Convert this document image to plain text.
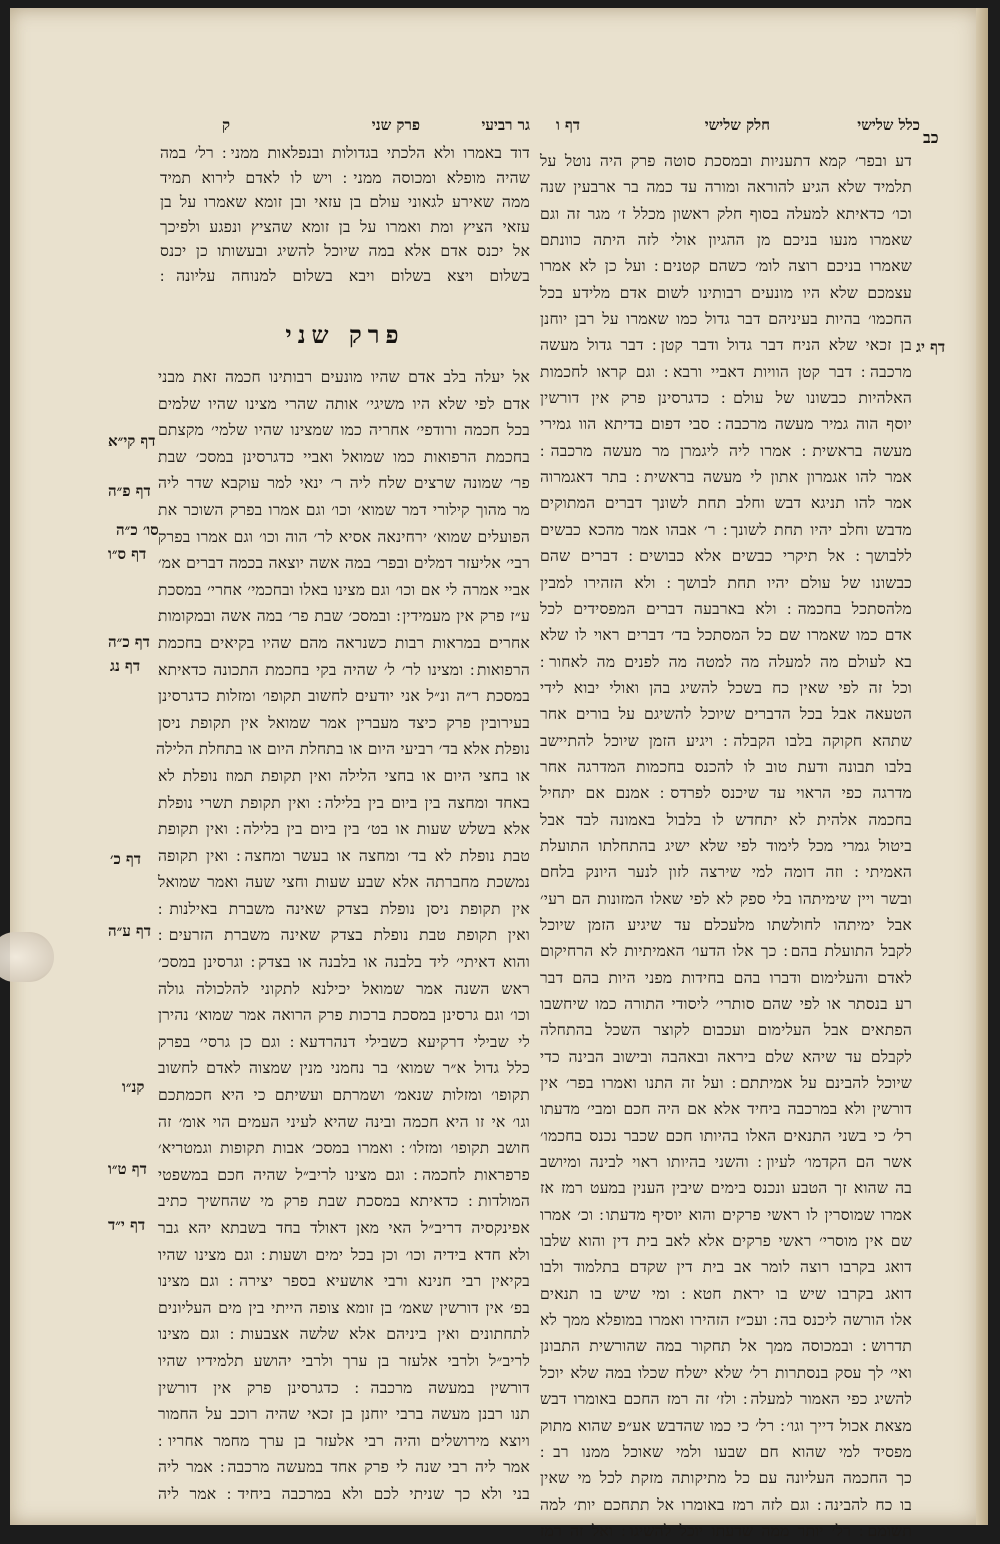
כלל שלישי
חלק שלישי
דף ו
גר רביעי
פרק שני
ק
כב
דע ובפר׳ קמא דתעניות ובמסכת סוטה פרק היה נוטל על
תלמיד שלא הגיע להוראה ומורה עד כמה בר ארבעין שנה
וכו׳ כדאיתא למעלה בסוף חלק ראשון מכלל ז׳ מגר זה וגם
שאמרו מנעו בניכם מן ההגיון אולי לזה היתה כוונתם
שאמרו בניכם רוצה לומ׳ כשהם קטנים ׃ ועל כן לא אמרו
עצמכם שלא היו מונעים רבותינו לשום אדם מלידע בכל
החכמו׳ בהיות בעיניהם דבר גדול כמו שאמרו על רבן יוחנן
בן זכאי שלא הניח דבר גדול ודבר קטן ׃ דבר גדול מעשה
מרכבה ׃ דבר קטן הוויות דאביי ורבא ׃ וגם קראו לחכמות
האלהיות כבשונו של עולם ׃ כדגרסינן פרק אין דורשין
יוסף הוה גמיר מעשה מרכבה ׃ סבי דפום בדיתא הוו גמירי
מעשה בראשית ׃ אמרו ליה ליגמרן מר מעשה מרכבה ׃
אמר להו אגמרון אתון לי מעשה בראשית ׃ בתר דאגמרוה
אמר להו תניגא דבש וחלב תחת לשונך דברים המתוקים
מדבש וחלב יהיו תחת לשונך ׃ ר׳ אבהו אמר מהכא כבשים
ללבושך ׃ אל תיקרי כבשים אלא כבושים ׃ דברים שהם
כבשונו של עולם יהיו תחת לבושך ׃ ולא הזהירו למבין
מלהסתכל בחכמה ׃ ולא בארבעה דברים המפסידים לכל
אדם כמו שאמרו שם כל המסתכל בד׳ דברים ראוי לו שלא
בא לעולם מה למעלה מה למטה מה לפנים מה לאחור ׃
וכל זה לפי שאין כח בשכל להשיג בהן ואולי יבוא לידי
הטעאה אבל בכל הדברים שיוכל להשיגם על בורים אחר
שתהא חקוקה בלבו הקבלה ׃ ויגיע הזמן שיוכל להתיישב
בלבו תבונה ודעת טוב לו להכנס בחכמות המדרגה אחר
מדרגה כפי הראוי עד שיכנס לפרדס ׃ אמנם אם יתחיל
בחכמה אלהית לא יתחדש לו בלבול באמונה לבד אבל
ביטול גמרי מכל לימוד לפי שלא ישיג בהתחלתו התועלת
האמיתי ׃ וזה דומה למי שירצה לזון לנער היונק בלחם
ובשר ויין שימיתהו בלי ספק לא לפי שאלו המזונות הם רעי׳
אבל ימיתהו לחולשתו מלעכלם עד שיגיע הזמן שיוכל
לקבל התועלת בהם ׃ כך אלו הדעו׳ האמיתיות לא הרחיקום
לאדם והעלימום ודברו בהם בחידות מפני היות בהם דבר
רע בנסתר או לפי שהם סותרי׳ ליסודי התורה כמו שיחשבו
הפתאים אבל העלימום ועכבום לקוצר השכל בהתחלה
לקבלם עד שיהא שלם ביראה ובאהבה ובישוב הבינה כדי
שיוכל להבינם על אמיתתם ׃ ועל זה התנו ואמרו בפר׳ אין
דורשין ולא במרכבה ביחיד אלא אם היה חכם ומבי׳ מדעתו
רל׳ כי בשני התנאים האלו בהיותו חכם שכבר נכנס בחכמו׳
אשר הם הקדמו׳ לעיון ׃ והשני בהיותו ראוי לבינה ומיושב
בה שהוא זך הטבע ונכנס בימים שיבין הענין במעט רמז אז
אמרו שמוסרין לו ראשי פרקים והוא יוסיף מדעתו ׃ וכ׳ אמרו
שם אין מוסרי׳ ראשי פרקים אלא לאב בית דין והוא שלבו
דואג בקרבו רוצה לומר אב בית דין שקדם בתלמוד ולבו
דואג בקרבו שיש בו יראת חטא ׃ ומי שיש בו תנאים
אלו הורשה ליכנס בה ׃ ועכ״ז הזהירו ואמרו במופלא ממך לא
תדרוש ׃ ובמכוסה ממך אל תחקור במה שהורשית התבונן
ואי׳ לך עסק בנסתרות רל׳ שלא ישלח שכלו במה שלא יוכל
להשיג כפי האמור למעלה ׃ ולז׳ זה רמז החכם באומרו דבש
מצאת אכול דייך וגו׳ ׃ רל׳ כי כמו שהדבש אע״פ שהוא מתוק
מפסיד למי שהוא חם שבעו ולמי שאוכל ממנו רב ׃
כך החכמה העליונה עם כל מתיקותה מזקת לכל מי שאין
בו כח להבינה ׃ וגם לזה רמז באומרו אל תתחכם יות׳ למה
תשומם ׃ רל׳ יותר ממה שדעתו יוכל להשיגו ׃ ואל זה רמז
דוד באמרו ולא הלכתי בגדולות ובנפלאות ממני ׃ רל׳ במה
שהיה מופלא ומכוסה ממני ׃ ויש לו לאדם לירוא תמיד
ממה שאירע לגאוני עולם בן עזאי ובן זומא שאמרו על בן
עזאי הציץ ומת ואמרו על בן זומא שהציץ ונפגע ולפיכך
אל יכנס אדם אלא במה שיוכל להשיג ובעשותו כן יכנס
בשלום ויצא בשלום ויבא בשלום למנוחה עליונה ׃
פרק שני
אל יעלה בלב אדם שהיו מונעים רבותינו חכמה זאת מבני
אדם לפי שלא היו משיגי׳ אותה שהרי מצינו שהיו שלמים
בכל חכמה ורודפי׳ אחריה כמו שמצינו שהיו שלמי׳ מקצתם
בחכמת הרפואות כמו שמואל ואביי כדגרסינן במסכ׳ שבת
פר׳ שמונה שרצים שלח ליה ר׳ ינאי למר עוקבא שדר ליה
מר מהוך קילורי דמר שמוא׳ וכו׳ וגם אמרו בפרק השוכר את
הפועלים שמוא׳ ירחינאה אסיא לר׳ הוה וכו׳ וגם אמרו בפרק
רבי׳ אליעזר דמלים ובפר׳ במה אשה יוצאה בכמה דברים אמ׳
אביי אמרה לי אם וכו׳ וגם מצינו באלו ובחכמי׳ אחרי׳ במסכת
ע״ז פרק אין מעמידין ׃ ובמסכ׳ שבת פר׳ במה אשה ובמקומות
אחרים במראות רבות כשנראה מהם שהיו בקיאים בחכמת
הרפואות ׃ ומצינו לר׳ ל׳ שהיה בקי בחכמת התכונה כדאיתא
במסכת ר״ה ונ״ל אני יודעים לחשוב תקופו׳ ומזלות כדגרסינן
בעירובין פרק כיצד מעברין אמר שמואל אין תקופת ניסן
נופלת אלא בד׳ רביעי היום או בתחלת היום או בתחלת הלילה
או בחצי היום או בחצי הלילה ואין תקופת תמוז נופלת לא
באחד ומחצה בין ביום בין בלילה ׃ ואין תקופת תשרי נופלת
אלא בשלש שעות או בט׳ בין ביום בין בלילה ׃ ואין תקופת
טבת נופלת לא בד׳ ומחצה או בעשר ומחצה ׃ ואין תקופה
נמשכת מחברתה אלא שבע שעות וחצי שעה ואמר שמואל
אין תקופת ניסן נופלת בצדק שאינה משברת באילנות ׃
ואין תקופת טבת נופלת בצדק שאינה משברת הזרעים ׃
והוא דאיתי׳ ליד בלבנה או בלבנה או בצדק ׃ וגרסינן במסכ׳
ראש השנה אמר שמואל יכילנא לתקוני להלכולה גולה
וכו׳ וגם גרסינן במסכת ברכות פרק הרואה אמר שמוא׳ נהירן
לי שבילי דרקיעא כשבילי דנהרדעא ׃ וגם כן גרסי׳ בפרק
כלל גדול א״ר שמוא׳ בר נחמני מנין שמצוה לאדם לחשוב
תקופו׳ ומזלות שנאמ׳ ושמרתם ועשיתם כי היא חכמתכם
וגו׳ אי זו היא חכמה ובינה שהיא לעיני העמים הוי אומ׳ זה
חושב תקופו׳ ומזלו׳ ׃ ואמרו במסכ׳ אבות תקופות וגמטריא׳
פרפראות לחכמה ׃ וגם מצינו לריב״ל שהיה חכם במשפטי
המולדות ׃ כדאיתא במסכת שבת פרק מי שהחשיך כתיב
אפינקסיה דריב״ל האי מאן דאולד בחד בשבתא יהא גבר
ולא חדא בידיה וכו׳ וכן בכל ימים ושעות ׃ וגם מצינו שהיו
בקיאין רבי חנינא ורבי אושעיא בספר יצירה ׃ וגם מצינו
בפ׳ אין דורשין שאמ׳ בן זומא צופה הייתי בין מים העליונים
לתחתונים ואין ביניהם אלא שלשה אצבעות ׃ וגם מצינו
לריב״ל ולרבי אלעזר בן ערך ולרבי יהושע תלמידיו שהיו
דורשין במעשה מרכבה ׃ כדגרסינן פרק אין דורשין
תנו רבנן מעשה ברבי יוחנן בן זכאי שהיה רוכב על החמור
ויוצא מירושלים והיה רבי אלעזר בן ערך מחמר אחריו ׃
אמר ליה רבי שנה לי פרק אחד במעשה מרכבה ׃ אמר ליה
בני ולא כך שניתי לכם ולא במרכבה ביחיד ׃ אמר ליה
דף יג
דף קי״א
דף פ״ה
סו׳ כ״ה
דף ס״ו
דף כ״ה
דף נג
דף כ׳
דף ע״ה
קנ״ו
דף ט״ו
דף י״ד
